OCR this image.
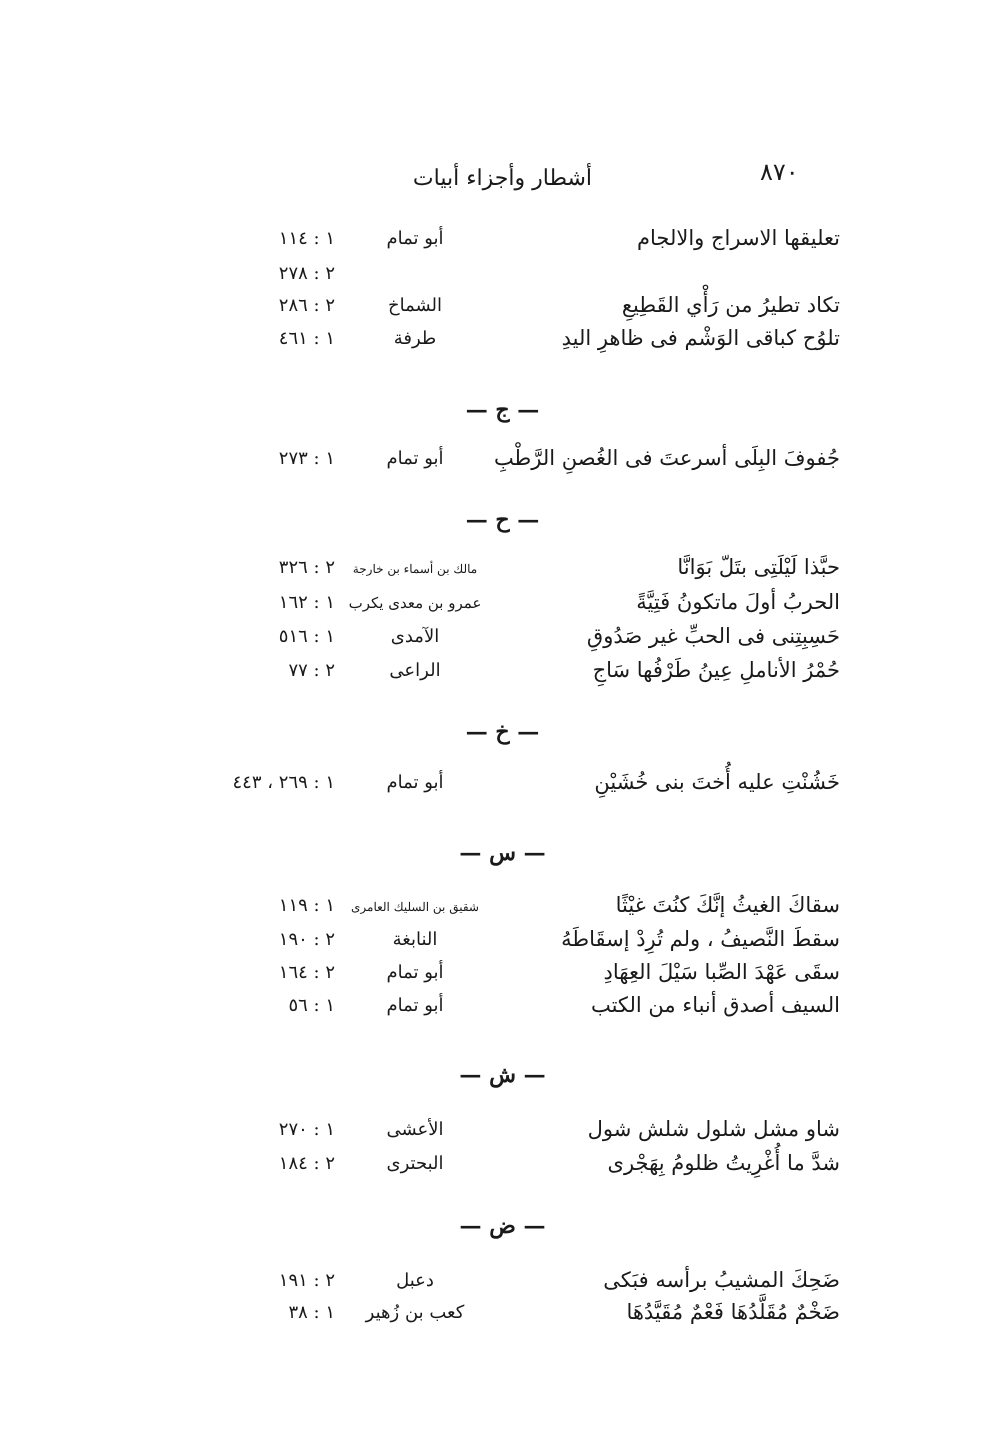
٨٧٠
أشطار وأجزاء أبيات
تعليقها الاسراج والالجام
أبو تمام
١ : ١١٤
٢ : ٢٧٨
تكاد تطيرُ من رَأْي القَطِيعِ
الشماخ
٢ : ٢٨٦
تلوُح كباقى الوَشْم فى ظاهرِ اليدِ
طرفة
١ : ٤٦١
— ج —
جُفوفَ البِلَى أسرعتَ فى الغُصنِ الرَّطْبِ
أبو تمام
١ : ٢٧٣
— ح —
حبَّذا لَيْلَتِى بتَلّ بَوَانَّا
مالك بن أسماء بن خارجة
٢ : ٣٢٦
الحربُ أولَ ماتكونُ فَتِيَّةً
عمرو بن معدى يكرب
١ : ١٦٢
حَسِبِتِنى فى الحبِّ غير صَدُوقِ
الآمدى
١ : ٥١٦
حُمْرُ الأناملِ عِينُ طَرْفُها سَاجِ
الراعى
٢ : ٧٧
— خ —
خَشُنْتِ عليه أُختَ بنى خُشَيْنِ
أبو تمام
١ : ٢٦٩ ، ٤٤٣
— س —
سقاكَ الغيثُ إنَّكَ كنُتَ غيْثًا
شقيق بن السليك العامرى
١ : ١١٩
سقطَ النَّصيفُ ، ولم تُرِدْ إسقَاطَهُ
النابغة
٢ : ١٩٠
سقَى عَهْدَ الصِّبا سَيْلَ العِهَادِ
أبو تمام
٢ : ١٦٤
السيف أصدق أنباء من الكتب
أبو تمام
١ : ٥٦
— ش —
شاو مشل شلول شلش شول
الأعشى
١ : ٢٧٠
شدَّ ما أُغْرِيتُ ظلومُ بِهَجْرى
البحترى
٢ : ١٨٤
— ض —
ضَحِكَ المشيبُ برأسه فبَكى
دعبل
٢ : ١٩١
ضَخْمٌ مُقَلَّدُهَا فَعْمٌ مُقَيَّدُهَا
كعب بن زُهير
١ : ٣٨
